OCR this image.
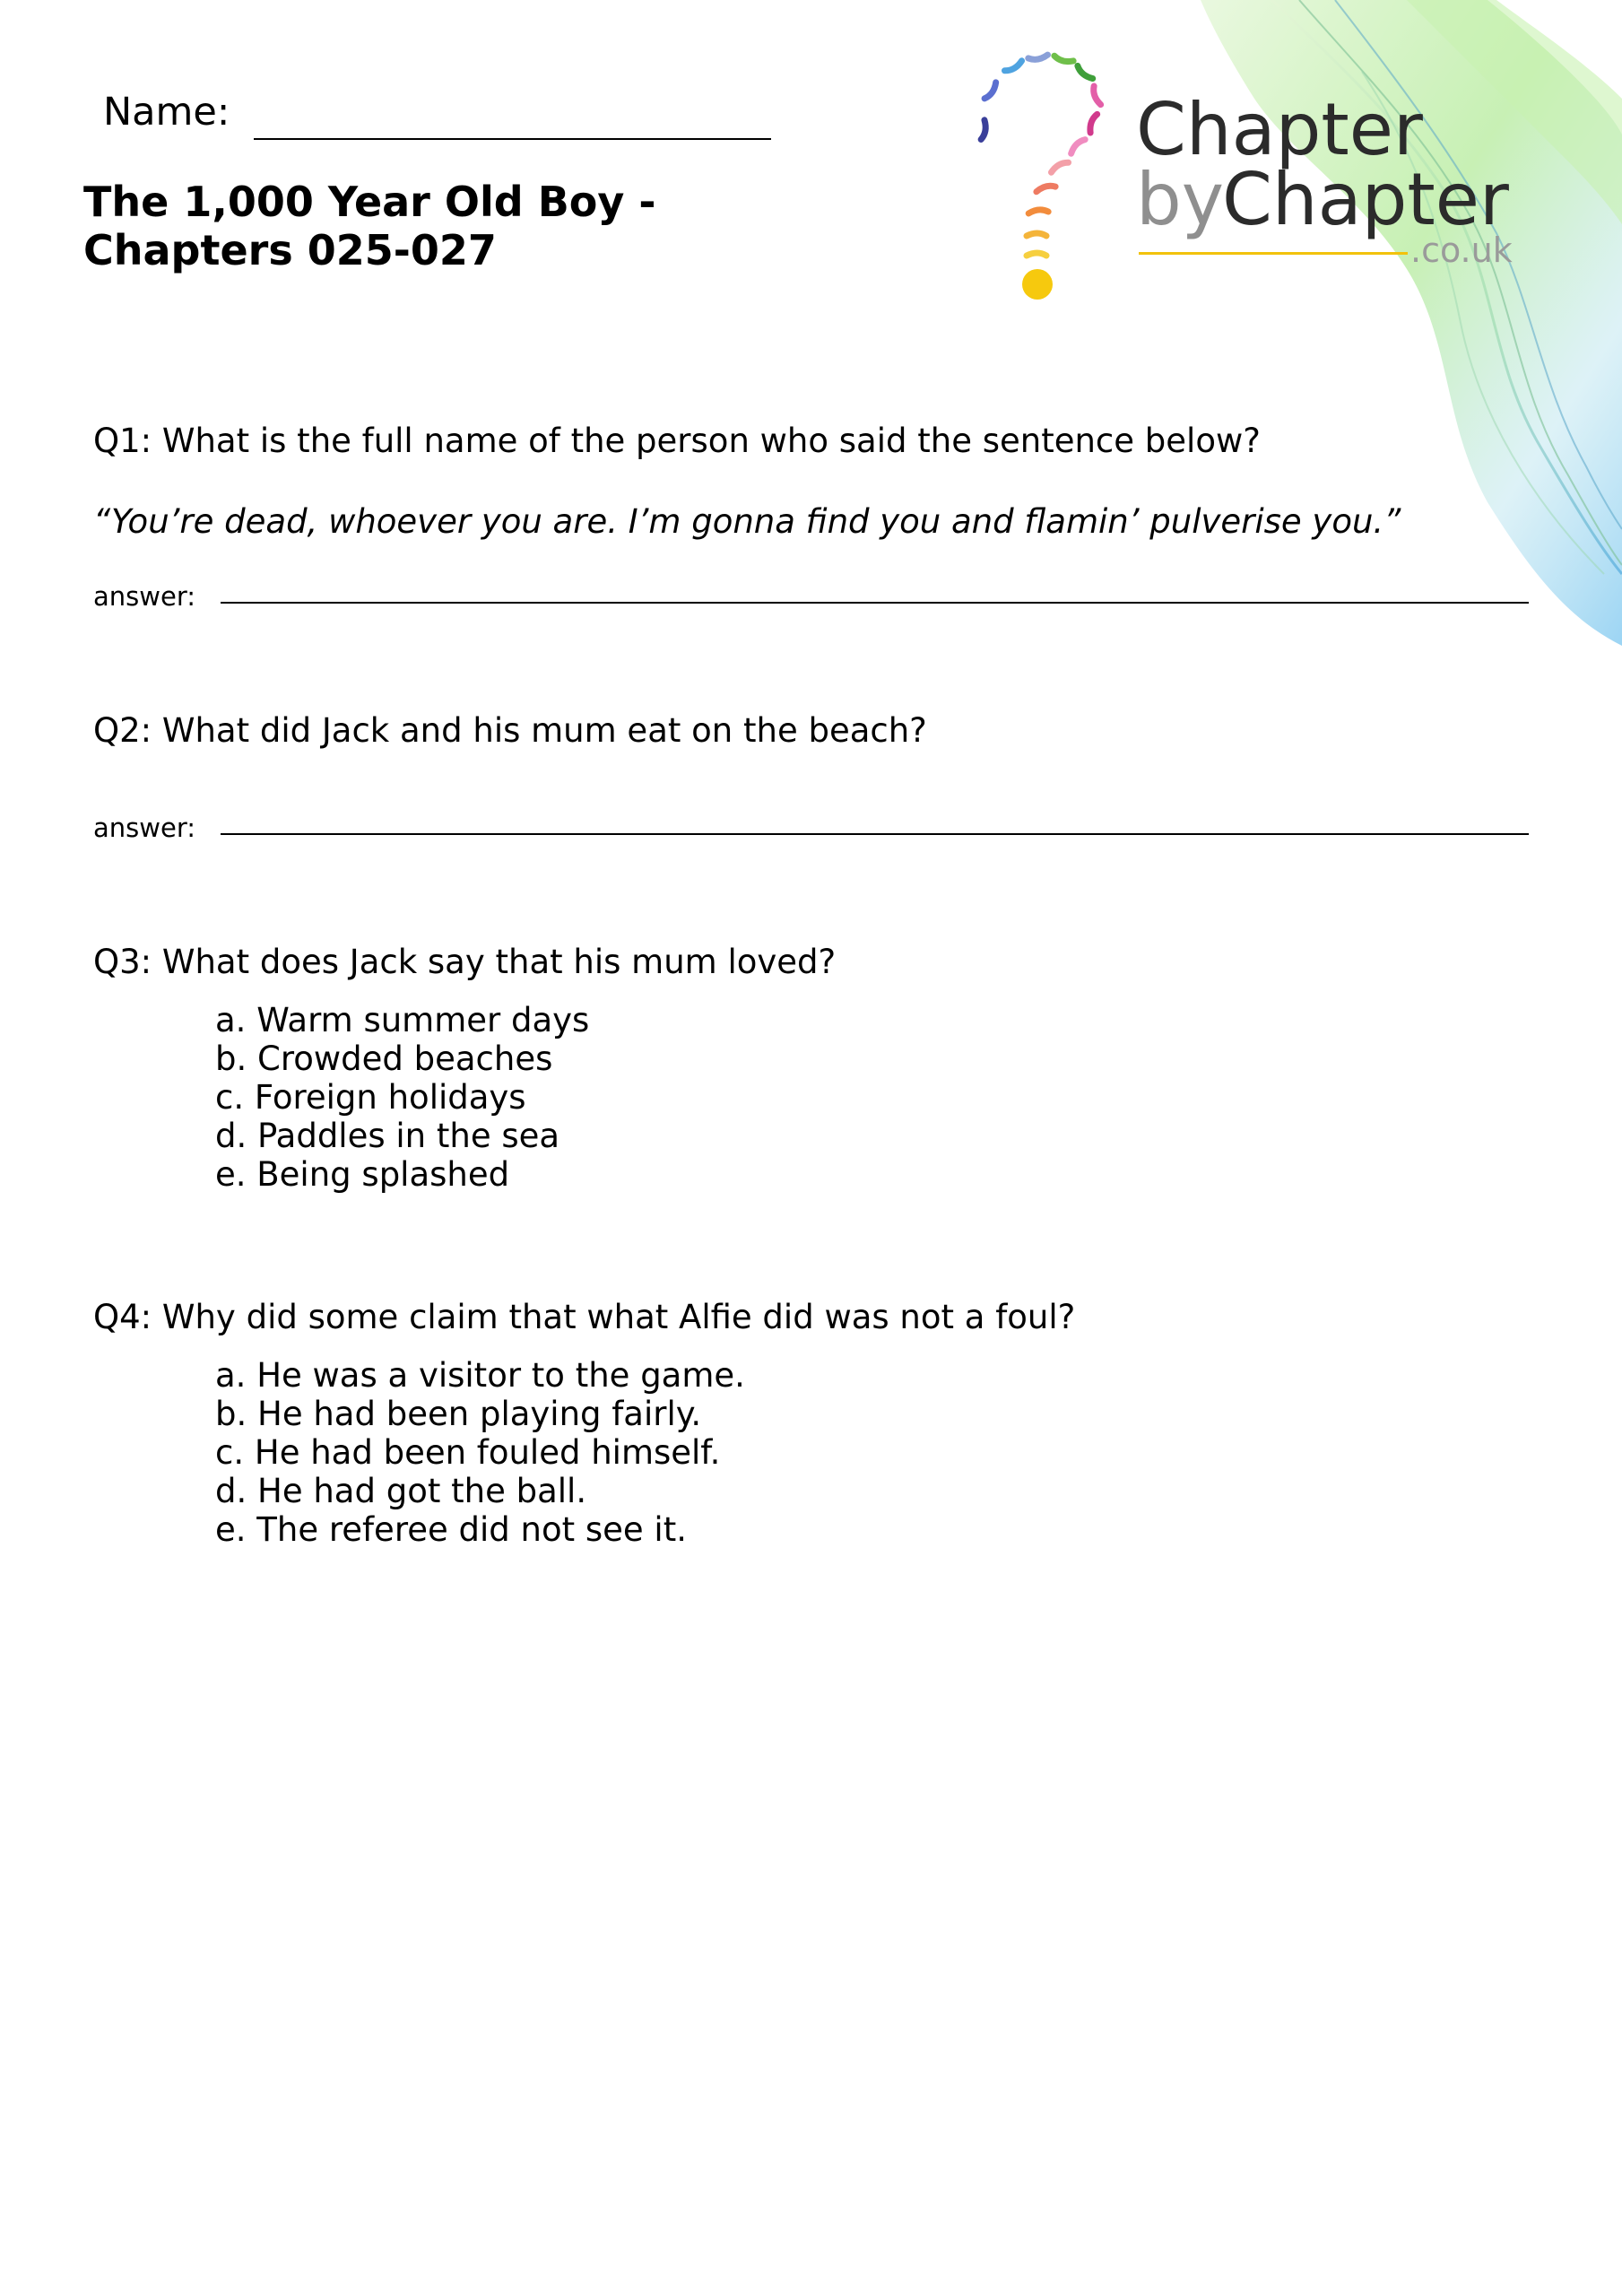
Chapter
by
Chapter
.co.uk
Name:
The 1,000 Year Old Boy - Chapters 025-027
Q1: What is the full name of the person who said the sentence below?
“You’re dead, whoever you are. I’m gonna find you and flamin’ pulverise you.”
answer:
Q2: What did Jack and his mum eat on the beach?
answer:
Q3: What does Jack say that his mum loved?
a. Warm summer days
b. Crowded beaches
c. Foreign holidays
d. Paddles in the sea
e. Being splashed
Q4: Why did some claim that what Alfie did was not a foul?
a. He was a visitor to the game.
b. He had been playing fairly.
c. He had been fouled himself.
d. He had got the ball.
e. The referee did not see it.
